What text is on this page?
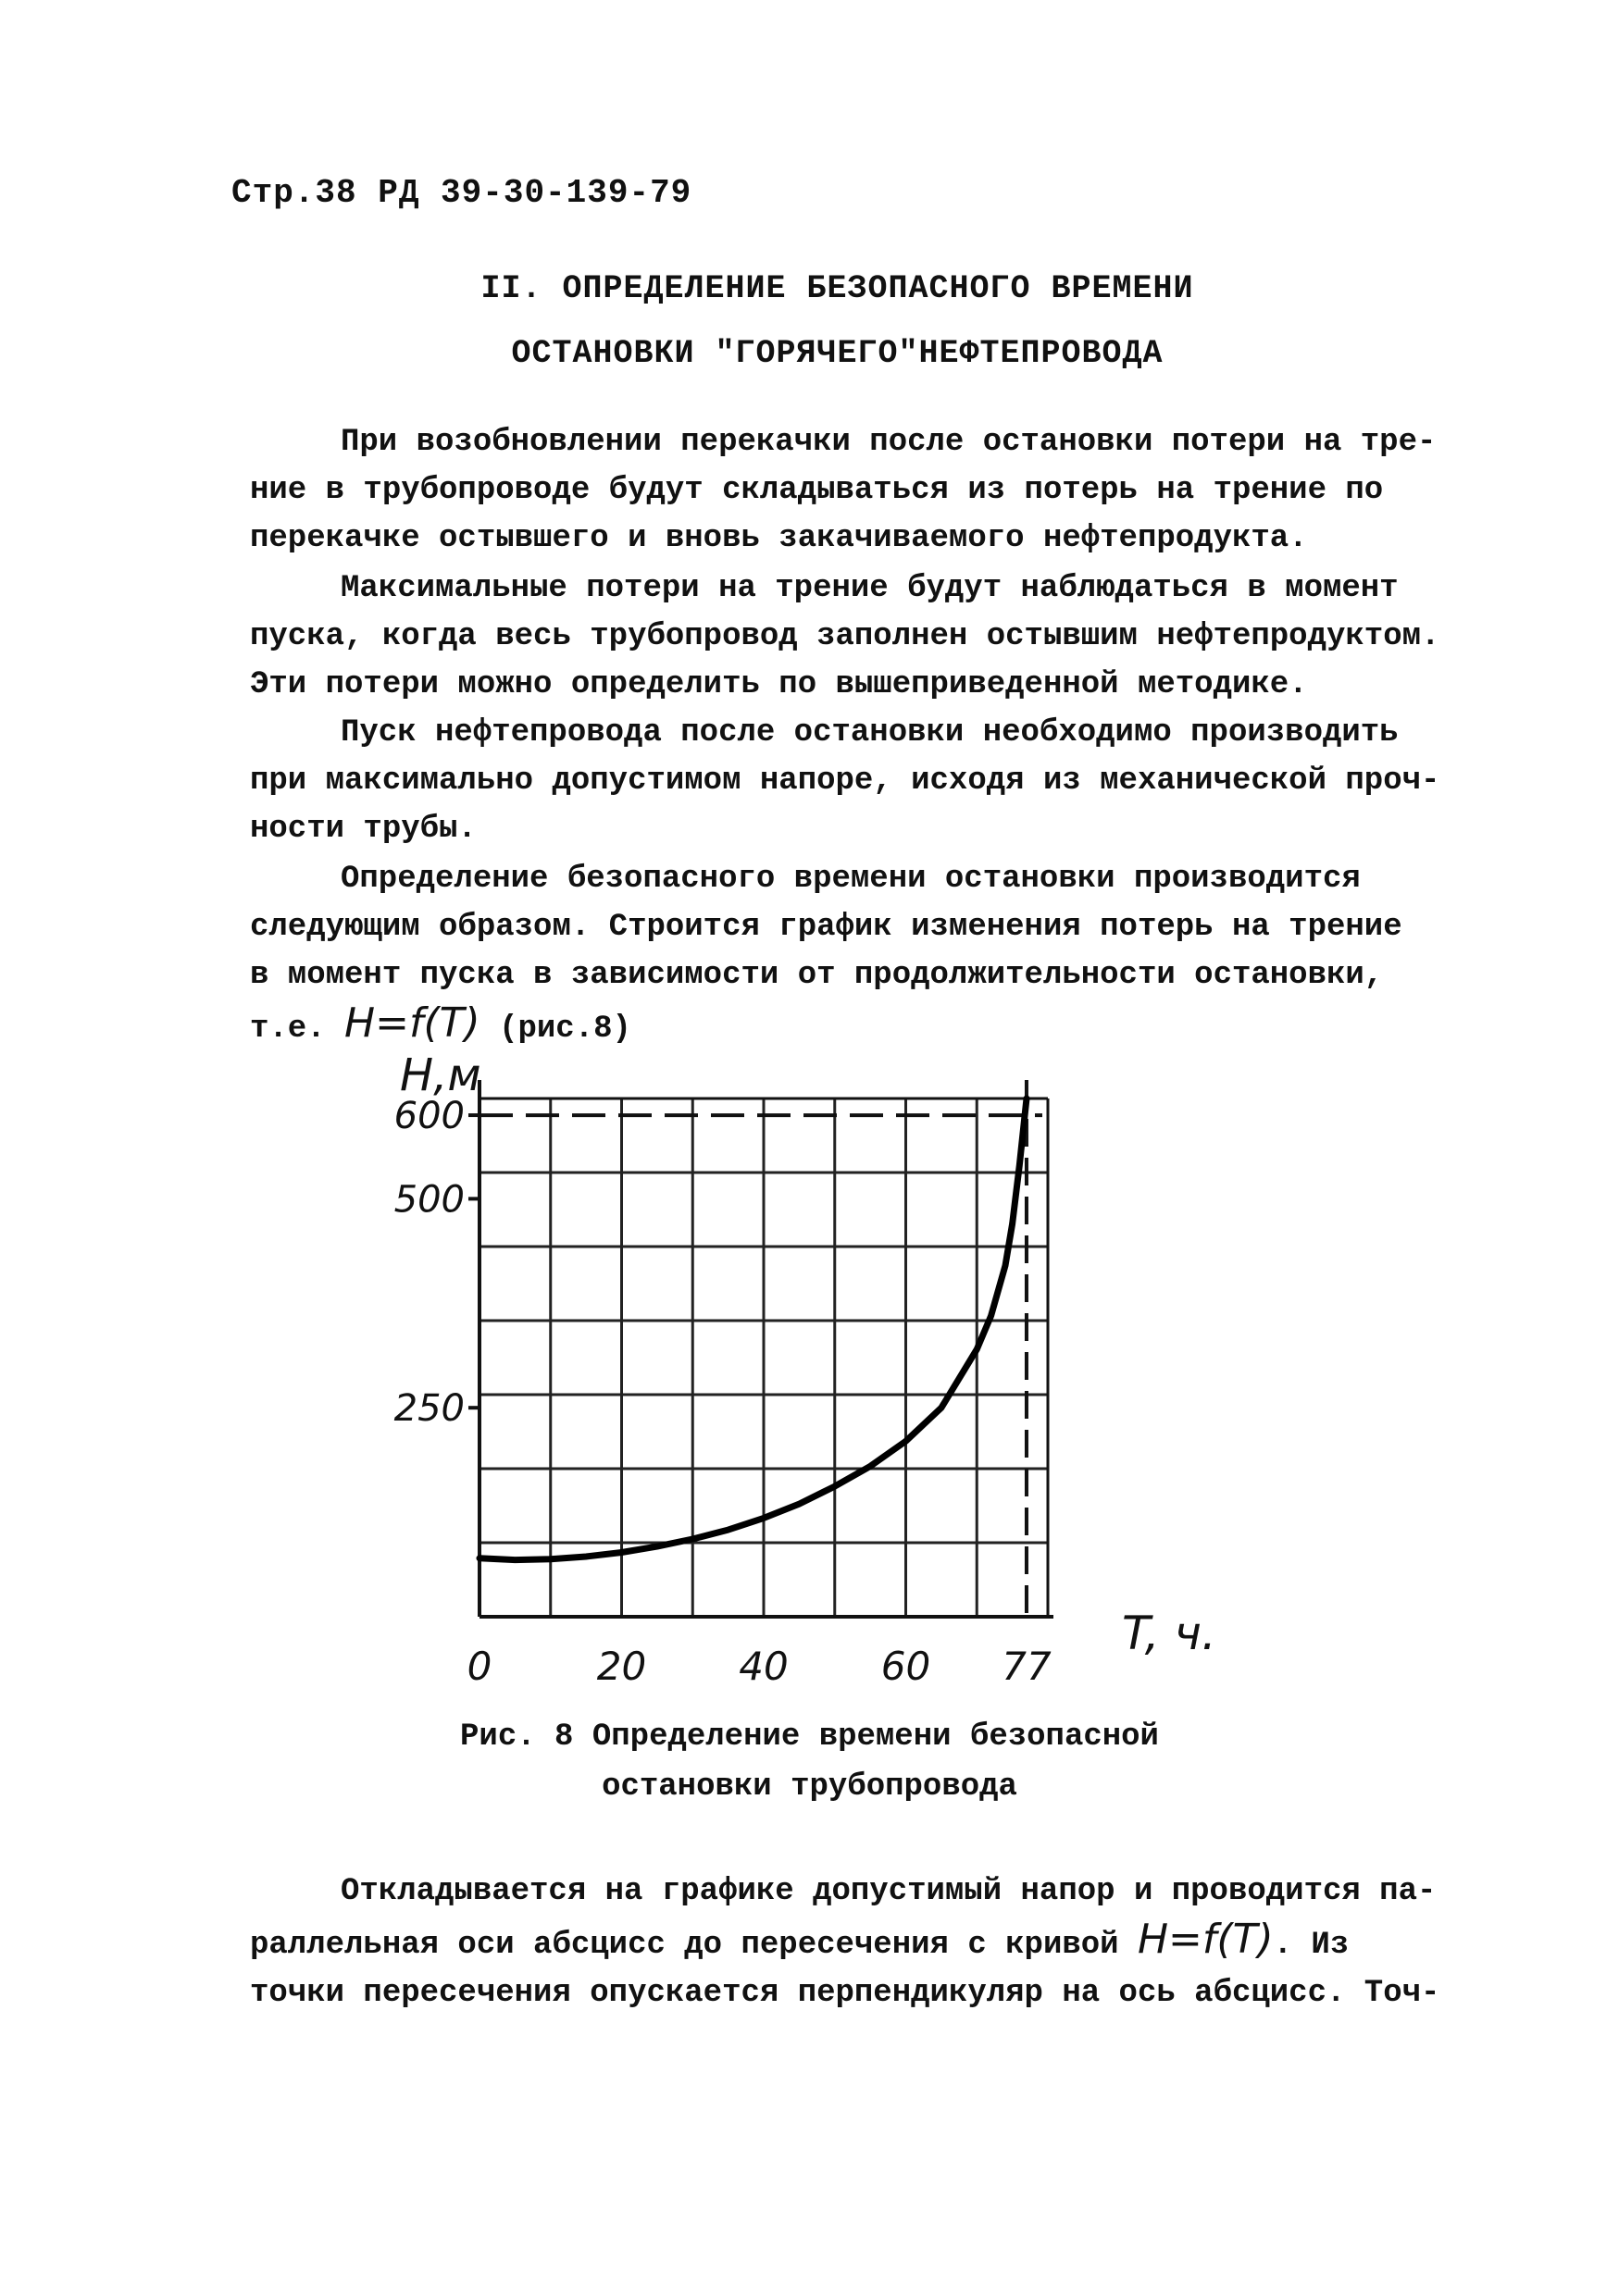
Стр.38 РД 39-30-139-79
II. ОПРЕДЕЛЕНИЕ БЕЗОПАСНОГО ВРЕМЕНИ
ОСТАНОВКИ "ГОРЯЧЕГО"НЕФТЕПРОВОДА
При возобновлении перекачки после остановки потери на тре-
ние в трубопроводе будут складываться из потерь на трение по
перекачке остывшего и вновь закачиваемого нефтепродукта.
Максимальные потери на трение будут наблюдаться в момент
пуска, когда весь трубопровод заполнен остывшим нефтепродуктом.
Эти потери можно определить по вышеприведенной методике.
Пуск нефтепровода после остановки необходимо производить
при максимально допустимом напоре, исходя из механической проч-
ности трубы.
Определение безопасного времени остановки производится
следующим образом. Строится график изменения потерь на трение
в момент пуска в зависимости от продолжительности остановки,
т.е. H=f(T) (рис.8)
250
500
600
0	20 40 60 77
H,м
T, ч.
Рис. 8 Определение времени безопасной
остановки трубопровода
Откладывается на графике допустимый напор и проводится па-
раллельная оси абсцисс до пересечения с кривой H=f(T). Из
точки пересечения опускается перпендикуляр на ось абсцисс. Точ-
